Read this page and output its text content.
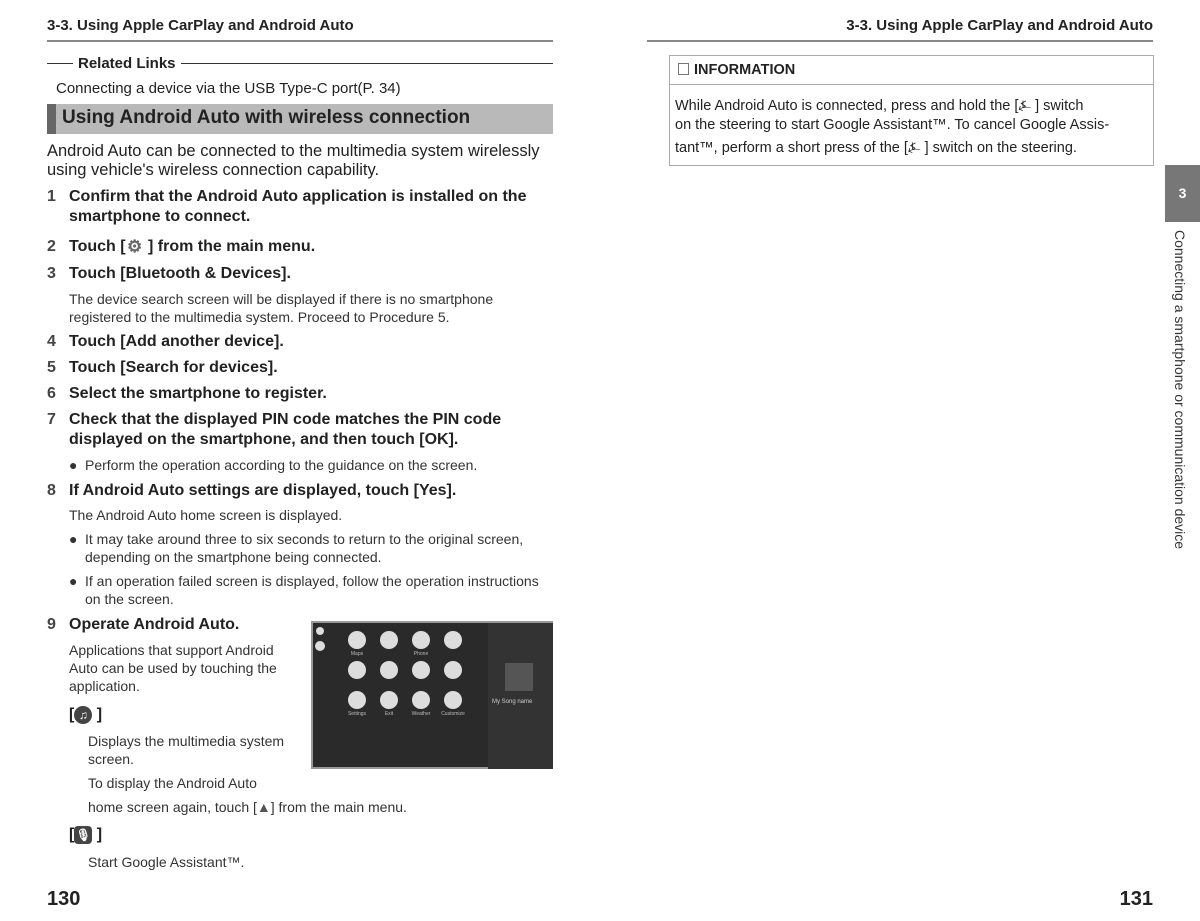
3-3. Using Apple CarPlay and Android Auto	3-3. Using Apple CarPlay and Android Auto
Related Links
Connecting a device via the USB Type-C port(P. 34)
Using Android Auto with wireless connection
Android Auto can be connected to the multimedia system wirelessly using vehicle's wireless connection capability.
1 Confirm that the Android Auto application is installed on the smartphone to connect.
2 Touch [⚙ ] from the main menu.
3 Touch [Bluetooth & Devices].
The device search screen will be displayed if there is no smartphone registered to the multimedia system. Proceed to Procedure 5.
4 Touch [Add another device].
5 Touch [Search for devices].
6 Select the smartphone to register.
7 Check that the displayed PIN code matches the PIN code displayed on the smartphone, and then touch [OK].
● Perform the operation according to the guidance on the screen.
8 If Android Auto settings are displayed, touch [Yes].
The Android Auto home screen is displayed.
● It may take around three to six seconds to return to the original screen, depending on the smartphone being connected.
● If an operation failed screen is displayed, follow the operation instructions on the screen.
9 Operate Android Auto.
Applications that support Android Auto can be used by touching the application.
[ ♫ ]
Displays the multimedia system screen.
To display the Android Auto
home screen again, touch [▲] from the main menu.
[🎙 ]
Start Google Assistant™.
Maps	Phone
Settings	Exit	Weather	Customize
My Song name
INFORMATION
While Android Auto is connected, press and hold the [⍼ ] switch
on the steering to start Google Assistant™. To cancel Google Assis-
tant™, perform a short press of the [⍼ ] switch on the steering.
3
Connecting a smartphone or communication device
130	131
